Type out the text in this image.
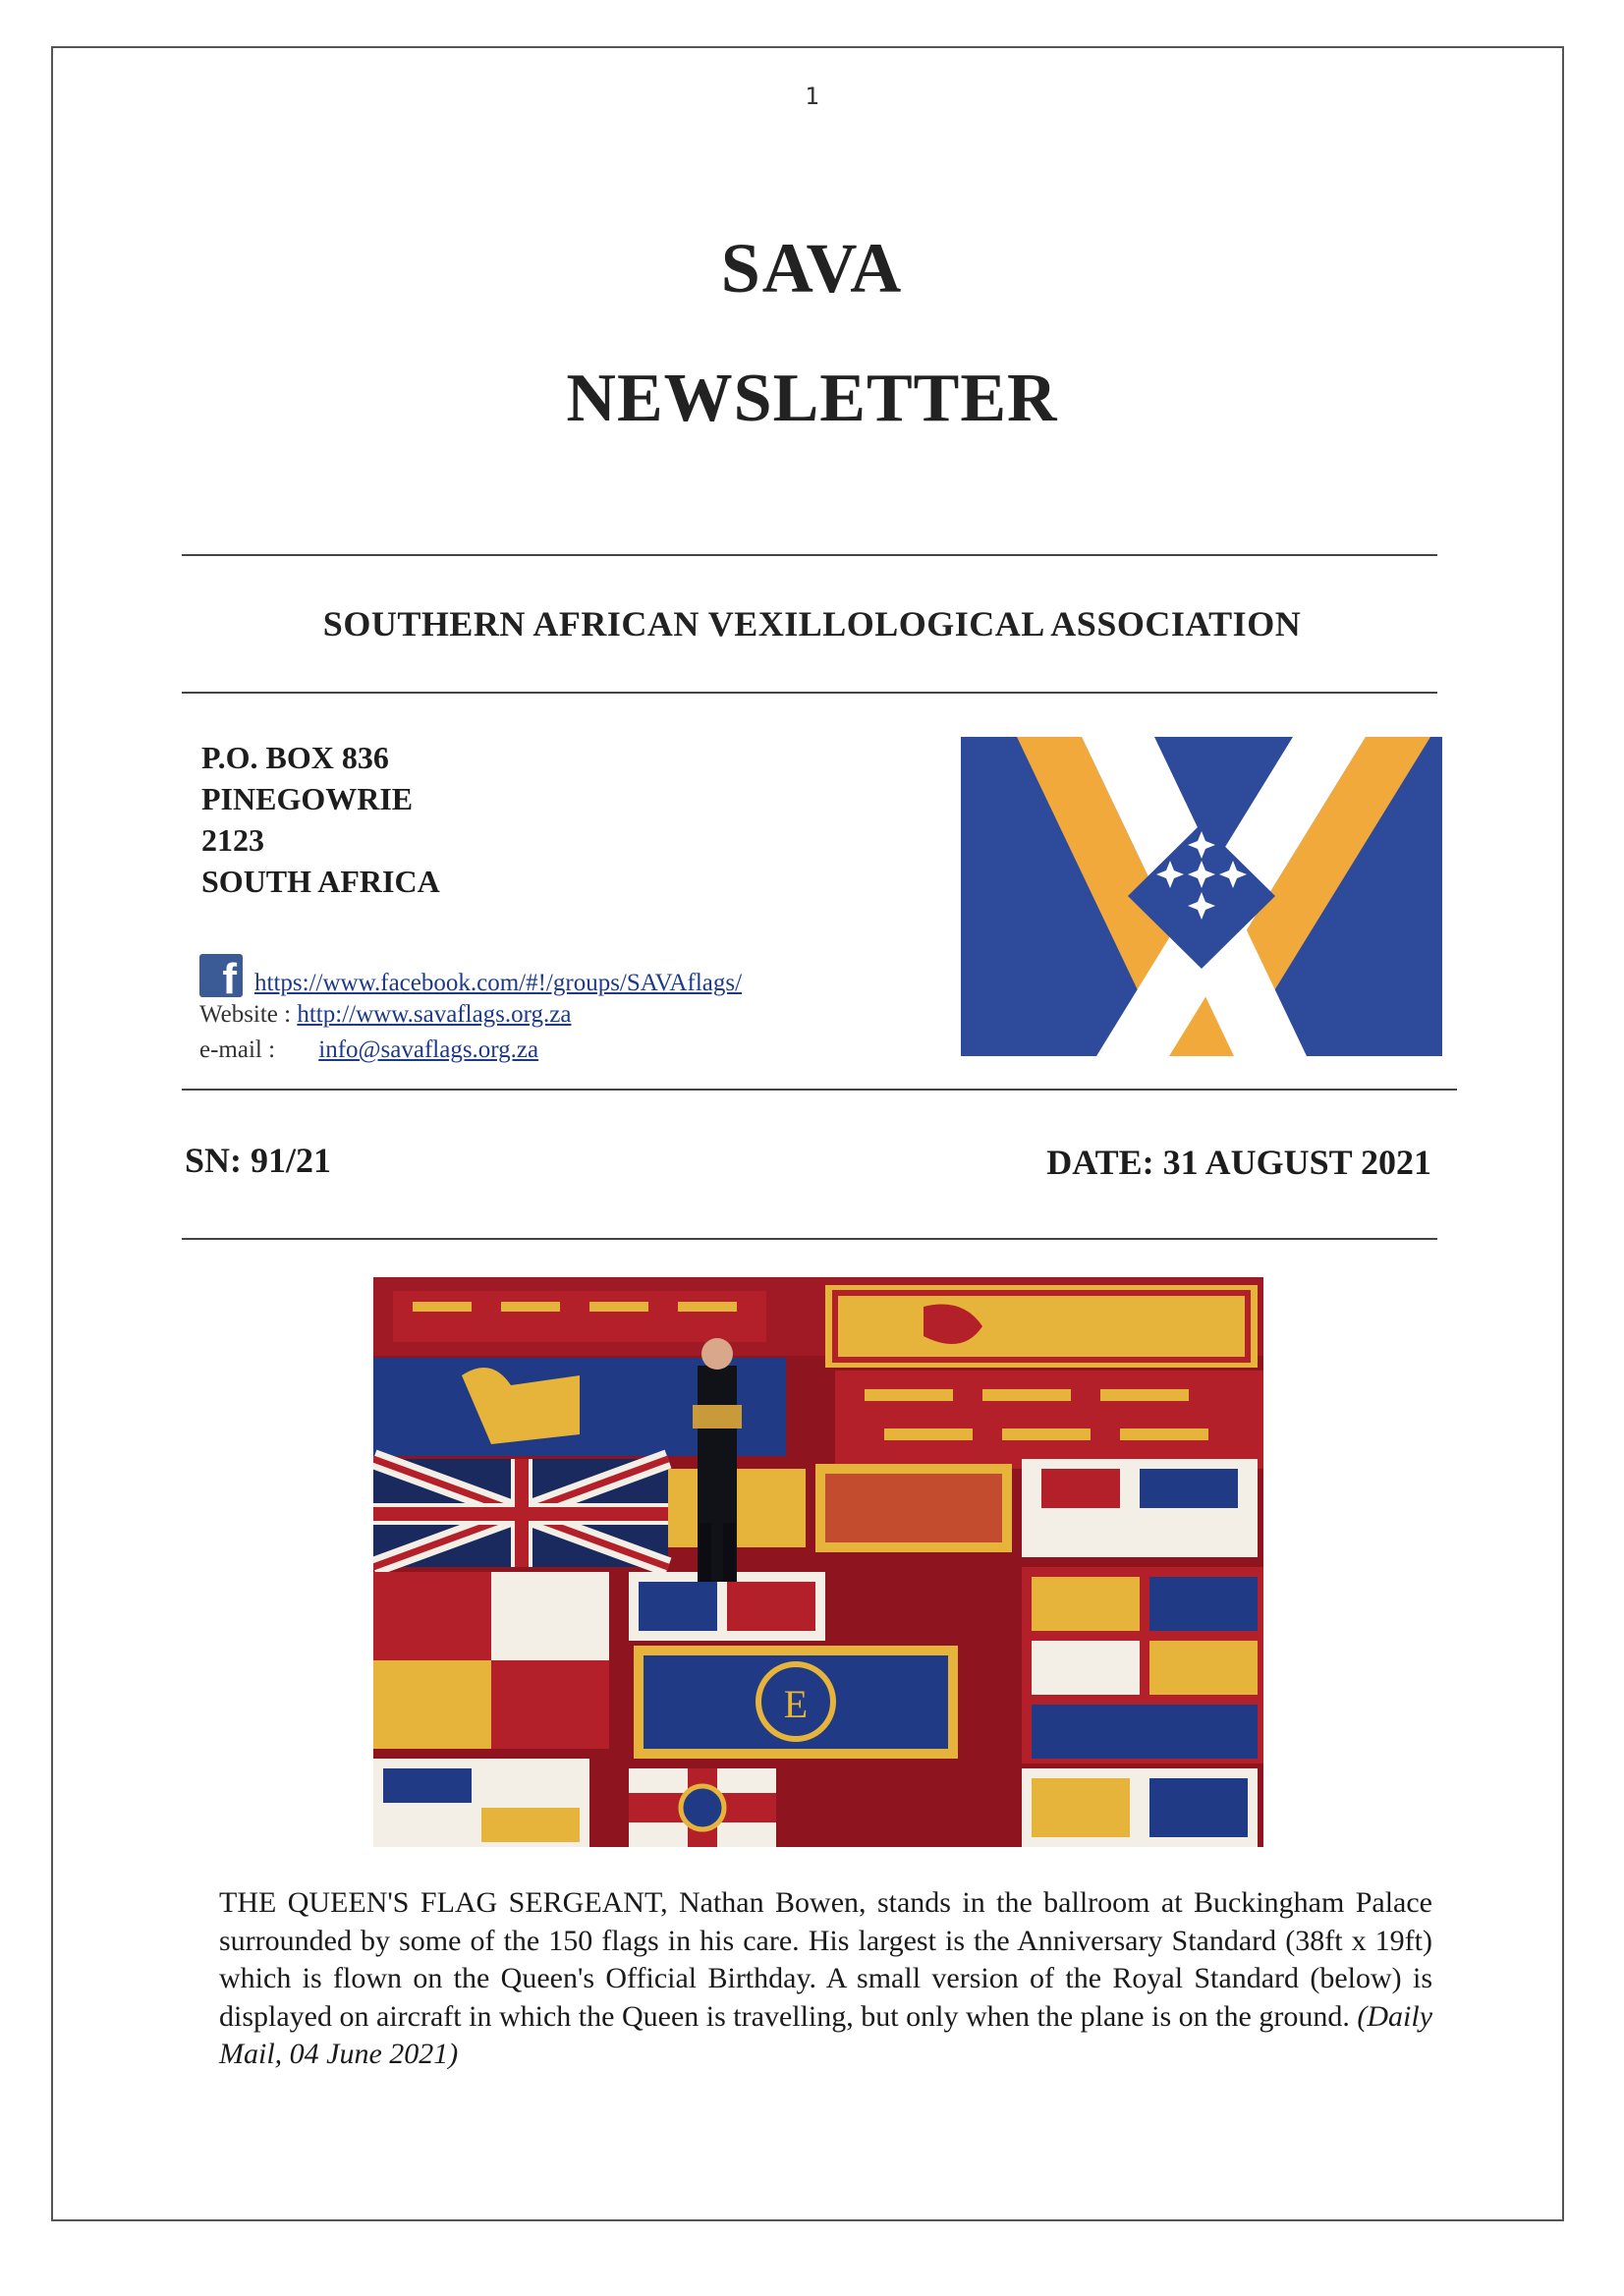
1
SAVA
NEWSLETTER
SOUTHERN AFRICAN VEXILLOLOGICAL ASSOCIATION
P.O. BOX 836
PINEGOWRIE
2123
SOUTH AFRICA
f https://www.facebook.com/#!/groups/SAVAflags/
Website : http://www.savaflags.org.za
e-mail : info@savaflags.org.za
SN: 91/21	DATE: 31 AUGUST 2021
E
THE QUEEN'S FLAG SERGEANT, Nathan Bowen, stands in the ballroom at Buckingham Palace surrounded by some of the 150 flags in his care. His largest is the Anniversary Standard (38ft x 19ft) which is flown on the Queen's Official Birthday. A small version of the Royal Standard (below) is displayed on aircraft in which the Queen is travelling, but only when the plane is on the ground. (Daily Mail, 04 June 2021)
